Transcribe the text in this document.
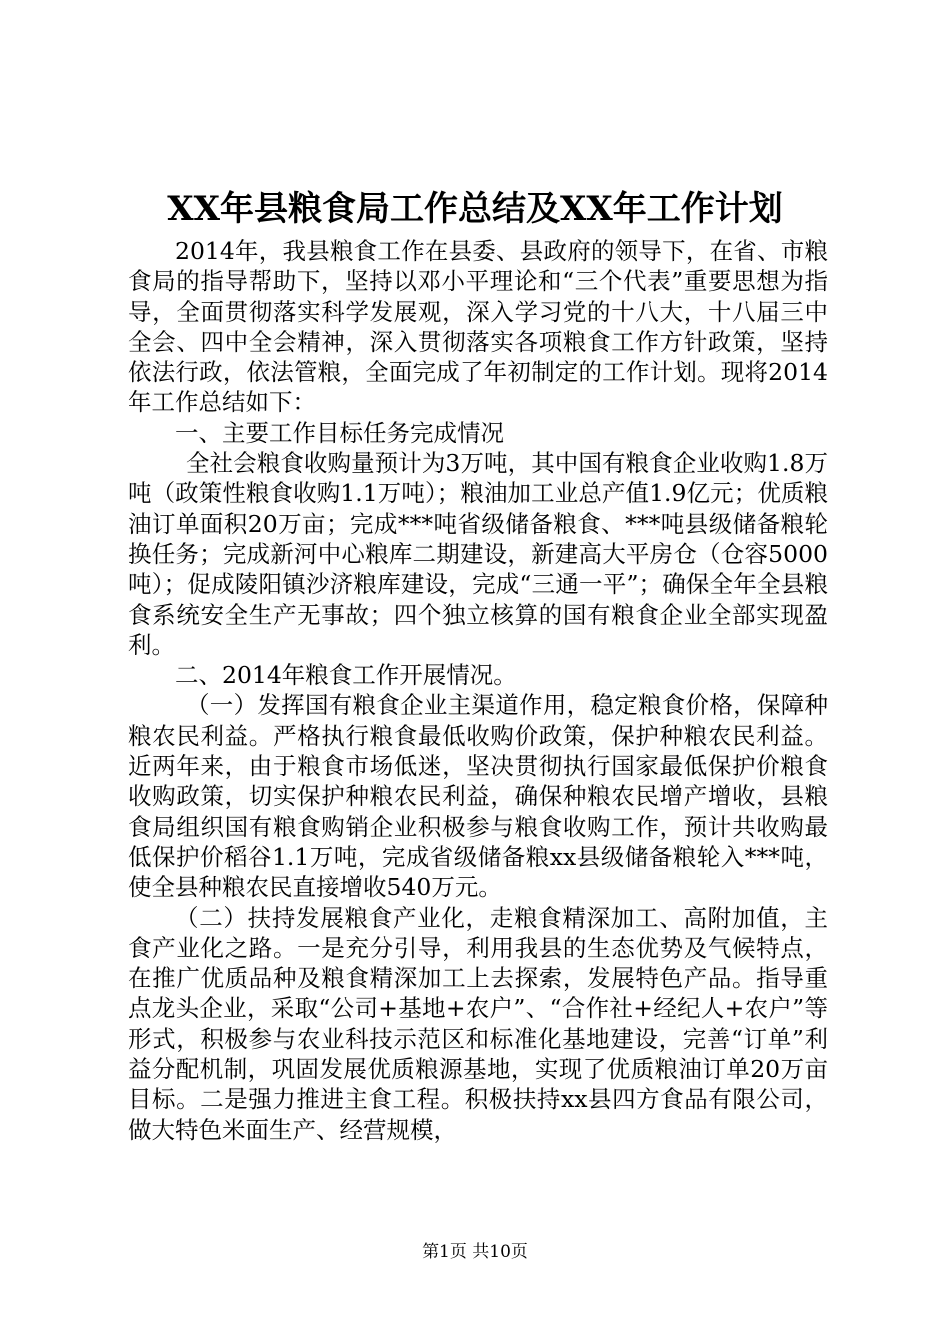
XX年县粮食局工作总结及XX年工作计划

2014年，我县粮食工作在县委、县政府的领导下，在省、市粮食局的指导帮助下，坚持以邓小平理论和“三个代表”重要思想为指导，全面贯彻落实科学发展观，深入学习党的十八大，十八届三中全会、四中全会精神，深入贯彻落实各项粮食工作方针政策，坚持依法行政，依法管粮，全面完成了年初制定的工作计划。现将2014年工作总结如下：

一、主要工作目标任务完成情况

全社会粮食收购量预计为3万吨，其中国有粮食企业收购1.8万吨（政策性粮食收购1.1万吨）；粮油加工业总产值1.9亿元；优质粮油订单面积20万亩；完成***吨省级储备粮食、***吨县级储备粮轮换任务；完成新河中心粮库二期建设，新建高大平房仓（仓容5000吨）；促成陵阳镇沙济粮库建设，完成“三通一平”；确保全年全县粮食系统安全生产无事故；四个独立核算的国有粮食企业全部实现盈利。

二、2014年粮食工作开展情况。

（一）发挥国有粮食企业主渠道作用，稳定粮食价格，保障种粮农民利益。严格执行粮食最低收购价政策，保护种粮农民利益。近两年来，由于粮食市场低迷，坚决贯彻执行国家最低保护价粮食收购政策，切实保护种粮农民利益，确保种粮农民增产增收，县粮食局组织国有粮食购销企业积极参与粮食收购工作，预计共收购最低保护价稻谷1.1万吨，完成省级储备粮xx县级储备粮轮入***吨，使全县种粮农民直接增收540万元。

（二）扶持发展粮食产业化，走粮食精深加工、高附加值，主食产业化之路。一是充分引导，利用我县的生态优势及气候特点，在推广优质品种及粮食精深加工上去探索，发展特色产品。指导重点龙头企业，采取“公司+基地+农户”、“合作社+经纪人+农户”等形式，积极参与农业科技示范区和标准化基地建设，完善“订单”利益分配机制，巩固发展优质粮源基地，实现了优质粮油订单20万亩目标。二是强力推进主食工程。积极扶持xx县四方食品有限公司，做大特色米面生产、经营规模，

第1页 共10页
